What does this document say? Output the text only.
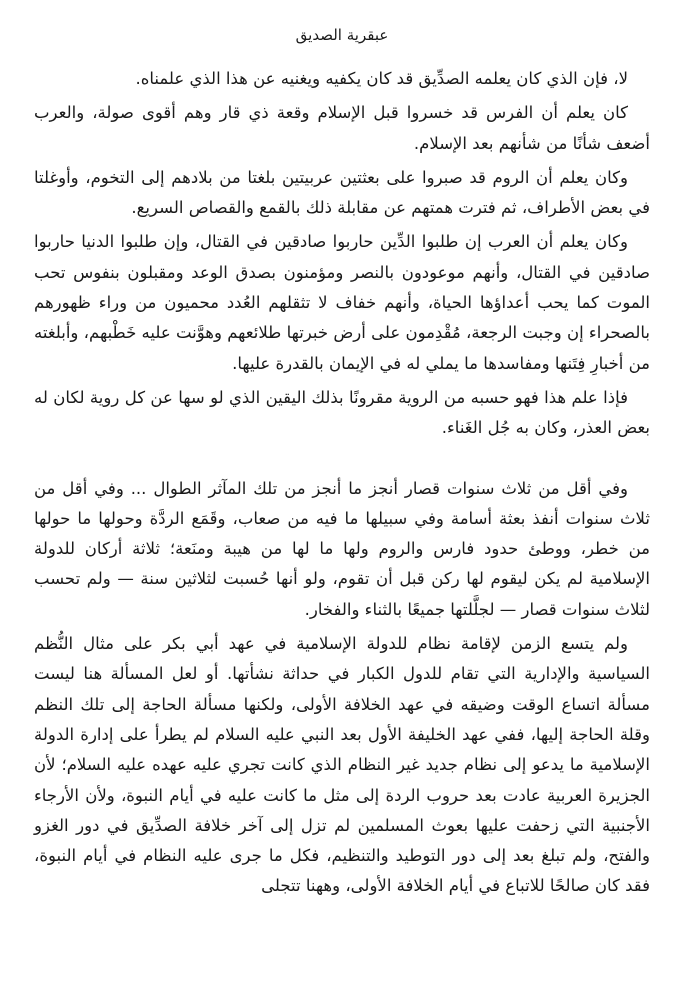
عبقرية الصديق

لا، فإن الذي كان يعلمه الصدِّيق قد كان يكفيه ويغنيه عن هذا الذي علمناه.

كان يعلم أن الفرس قد خسروا قبل الإسلام وقعة ذي قار وهم أقوى صولة، والعرب أضعف شأنًا من شأنهم بعد الإسلام.

وكان يعلم أن الروم قد صبروا على بعثتين عربيتين بلغتا من بلادهم إلى التخوم، وأوغلتا في بعض الأطراف، ثم فترت همتهم عن مقابلة ذلك بالقمع والقصاص السريع.

وكان يعلم أن العرب إن طلبوا الدِّين حاربوا صادقين في القتال، وإن طلبوا الدنيا حاربوا صادقين في القتال، وأنهم موعودون بالنصر ومؤمنون بصدق الوعد ومقبلون بنفوس تحب الموت كما يحب أعداؤها الحياة، وأنهم خفاف لا تثقلهم العُدد محميون من وراء ظهورهم بالصحراء إن وجبت الرجعة، مُقْدِمون على أرض خبرتها طلائعهم وهوَّنت عليه خَطْبهم، وأبلغته من أخبارِ فِتَنها ومفاسدها ما يملي له في الإيمان بالقدرة عليها.

فإذا علم هذا فهو حسبه من الروية مقرونًا بذلك اليقين الذي لو سها عن كل روية لكان له بعض العذر، وكان به جُل الغَناء.

وفي أقل من ثلاث سنوات قصار أنجز ما أنجز من تلك المآثر الطوال ... وفي أقل من ثلاث سنوات أنفذ بعثة أسامة وفي سبيلها ما فيه من صعاب، وقَمَع الردَّة وحولها ما حولها من خطر، ووطئ حدود فارس والروم ولها ما لها من هيبة ومنَعة؛ ثلاثة أركان للدولة الإسلامية لم يكن ليقوم لها ركن قبل أن تقوم، ولو أنها حُسبت لثلاثين سنة — ولم تحسب لثلاث سنوات قصار — لجلَّلتها جميعًا بالثناء والفخار.

ولم يتسع الزمن لإقامة نظام للدولة الإسلامية في عهد أبي بكر على مثال النُّظم السياسية والإدارية التي تقام للدول الكبار في حداثة نشأتها. أو لعل المسألة هنا ليست مسألة اتساع الوقت وضيقه في عهد الخلافة الأولى، ولكنها مسألة الحاجة إلى تلك النظم وقلة الحاجة إليها، ففي عهد الخليفة الأول بعد النبي عليه السلام لم يطرأ على إدارة الدولة الإسلامية ما يدعو إلى نظام جديد غير النظام الذي كانت تجري عليه عهده عليه السلام؛ لأن الجزيرة العربية عادت بعد حروب الردة إلى مثل ما كانت عليه في أيام النبوة، ولأن الأرجاء الأجنبية التي زحفت عليها بعوث المسلمين لم تزل إلى آخر خلافة الصدِّيق في دور الغزو والفتح، ولم تبلغ بعد إلى دور التوطيد والتنظيم، فكل ما جرى عليه النظام في أيام النبوة، فقد كان صالحًا للاتباع في أيام الخلافة الأولى، وههنا تتجلى
